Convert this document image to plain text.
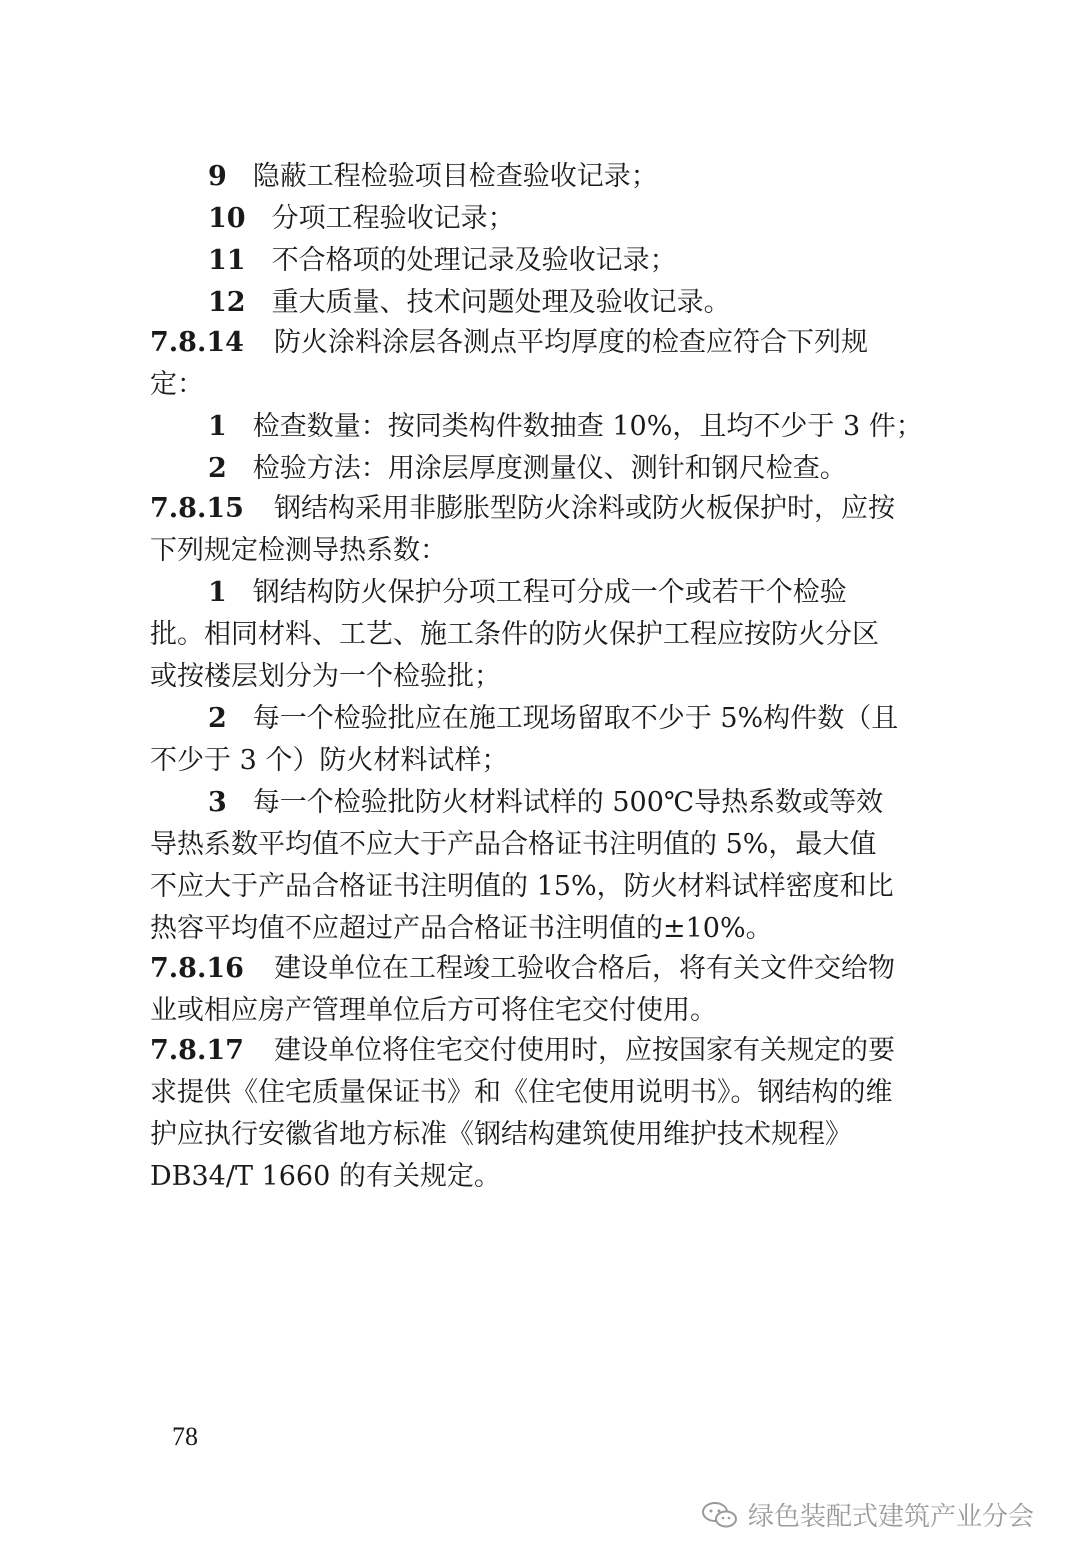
9 隐蔽工程检验项目检查验收记录；
10 分项工程验收记录；
11 不合格项的处理记录及验收记录；
12 重大质量、技术问题处理及验收记录。
7.8.14 防火涂料涂层各测点平均厚度的检查应符合下列规
定：
1 检查数量：按同类构件数抽查 10%，且均不少于 3 件；
2 检验方法：用涂层厚度测量仪、测针和钢尺检查。
7.8.15 钢结构采用非膨胀型防火涂料或防火板保护时，应按
下列规定检测导热系数：
1 钢结构防火保护分项工程可分成一个或若干个检验
批。相同材料、工艺、施工条件的防火保护工程应按防火分区
或按楼层划分为一个检验批；
2 每一个检验批应在施工现场留取不少于 5%构件数（且
不少于 3 个）防火材料试样；
3 每一个检验批防火材料试样的 500℃导热系数或等效
导热系数平均值不应大于产品合格证书注明值的 5%，最大值
不应大于产品合格证书注明值的 15%，防火材料试样密度和比
热容平均值不应超过产品合格证书注明值的±10%。
7.8.16 建设单位在工程竣工验收合格后，将有关文件交给物
业或相应房产管理单位后方可将住宅交付使用。
7.8.17 建设单位将住宅交付使用时，应按国家有关规定的要
求提供《住宅质量保证书》和《住宅使用说明书》。钢结构的维
护应执行安徽省地方标准《钢结构建筑使用维护技术规程》
DB34/T 1660 的有关规定。
78
绿色装配式建筑产业分会
